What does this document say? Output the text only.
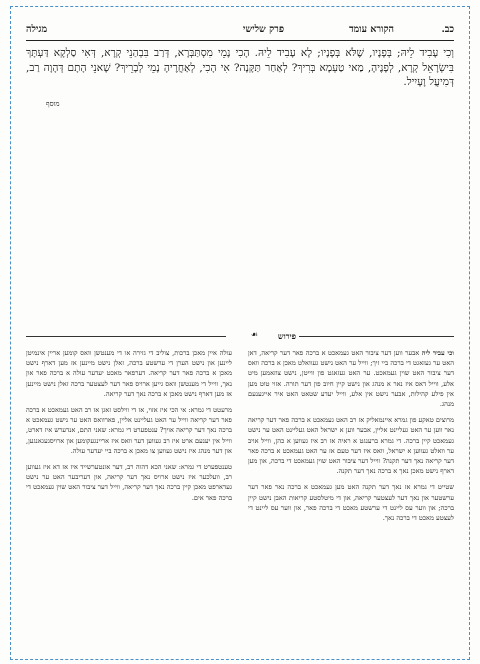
כב.
הקורא עומד
פרק שלישי
מגילה
וְכִי עָבִיד לֵיהּ; בְּפָנָיו, שֶׁלֹּא בְּפָנָיו; לָא עָבִיד לֵיהּ. הָכִי נָמֵי מִסְתַּבְּרָא, דְּרַב בִּבְהַנֵי קְרָא, דְּאִי סַלְקָא דַּעְתָּךְ בִּישְׂרָאֵל קְרָא, לְפָנֶיהָ, מַאי טַעְמָא בְּרִיךְ? לְאַחַר תַּקָּנָה? אִי הָכִי, לְאַחֲרֶיהָ נָמֵי לְבָרֵיךְ? שָׁאנֵי הָתָם דְּהָוָה רַב, דְּמִיעֲל וָעָיִיל.
מוסף
פירוש
☙

וכי עביד ליה אבער ווען דער ציבור האט געמאכט א ברכה פאר דער קריאה, דאן האט ער געזאגט די ברכה ביי זיך; ווייל ער האט נישט געוואלט מאכן א ברכה וואס דער ציבור האט שוין געמאכט. ער האט געזאגט פון ווייטן, נישט צוזאמען מיט אלע, ווייל דאס איז נאר א מנהג און נישט קיין חיוב פון דער תורה. אזוי טוט מען אין פילע קהילות, אבער נישט אין אלע, ווייל יעדע שטאט האט איר אייגענעם מנהג.

מרוצים טאקע פון גמרא איינמאליק אז רב האט געמאכט א ברכה פאר דער קריאה נאר ווען ער האט געליינט אליין, אבער ווען א ישראל האט געליינט האט ער נישט געמאכט קיין ברכה. די גמרא ברענגט א ראיה אז רב איז געווען א כהן, ווייל אויב ער וואלט געווען א ישראל, וואס איז דער טעם אז ער האט געמאכט א ברכה פאר דער קריאה נאך דער תקנה? ווייל דער ציבור האט שוין געמאכט די ברכה, און מען דארף נישט מאכן נאך א ברכה נאך דער תקנה.

שטייט די גמרא אז נאך דער תקנה האט מען געמאכט א ברכה נאר פאר דער ערשטער און נאך דער לעצטער קריאה, און די מיטלסטע קריאות האבן נישט קיין ברכה; און ווער עס ליינט די ערשטע מאכט די ברכה פאר, און ווער עס ליינט די לעצטע מאכט די ברכה נאך.

עולה איין מאכן ברכות, צוליב די גזירה או די מענטשן וואס קומען אריין אינמיטן ליינען און נישט הערן די ערשטע ברכה, זאלן נישט מיינען אז מען דארף נישט מאכן א ברכה פאר דער קריאה. דערפאר מאכט יעדער עולה א ברכה פאר און נאך, ווייל די מענטשן וואס גייען ארויס פאר דער לעצטער ברכה זאלן נישט מיינען אז מען דארף נישט מאכן א ברכה נאך דער קריאה.

מרעטט די גמרא: אי הכי איז אזוי, אז די ווילסט זאגן אז רב האט געמאכט א ברכה פאר דער קריאה ווייל ער האט געליינט אליין, פארוואס האט ער נישט געמאכט א ברכה נאך דער קריאה אויך? ענטפערט די גמרא: שאני התם, אנדערש איז דארט, ווייל אין יענעם ארט איז רב געווען דער וואס איז אריינגעקומען און ארויסגעגאנגען, און דער מנהג איז נישט געווען צו מאכן א ברכה ביי יעדער עולה.

טענטפערט די גמרא: שאני הכא דהוה רב, דער אונטערשייד איז אז דא איז געווען רב, וועלכער איז נישט ארויס נאך דער קריאה, און דעריבער האט ער נישט געדארפט מאכן קיין ברכה נאך דער קריאה, ווייל דער ציבור האט שוין געמאכט די ברכה פאר אים.
